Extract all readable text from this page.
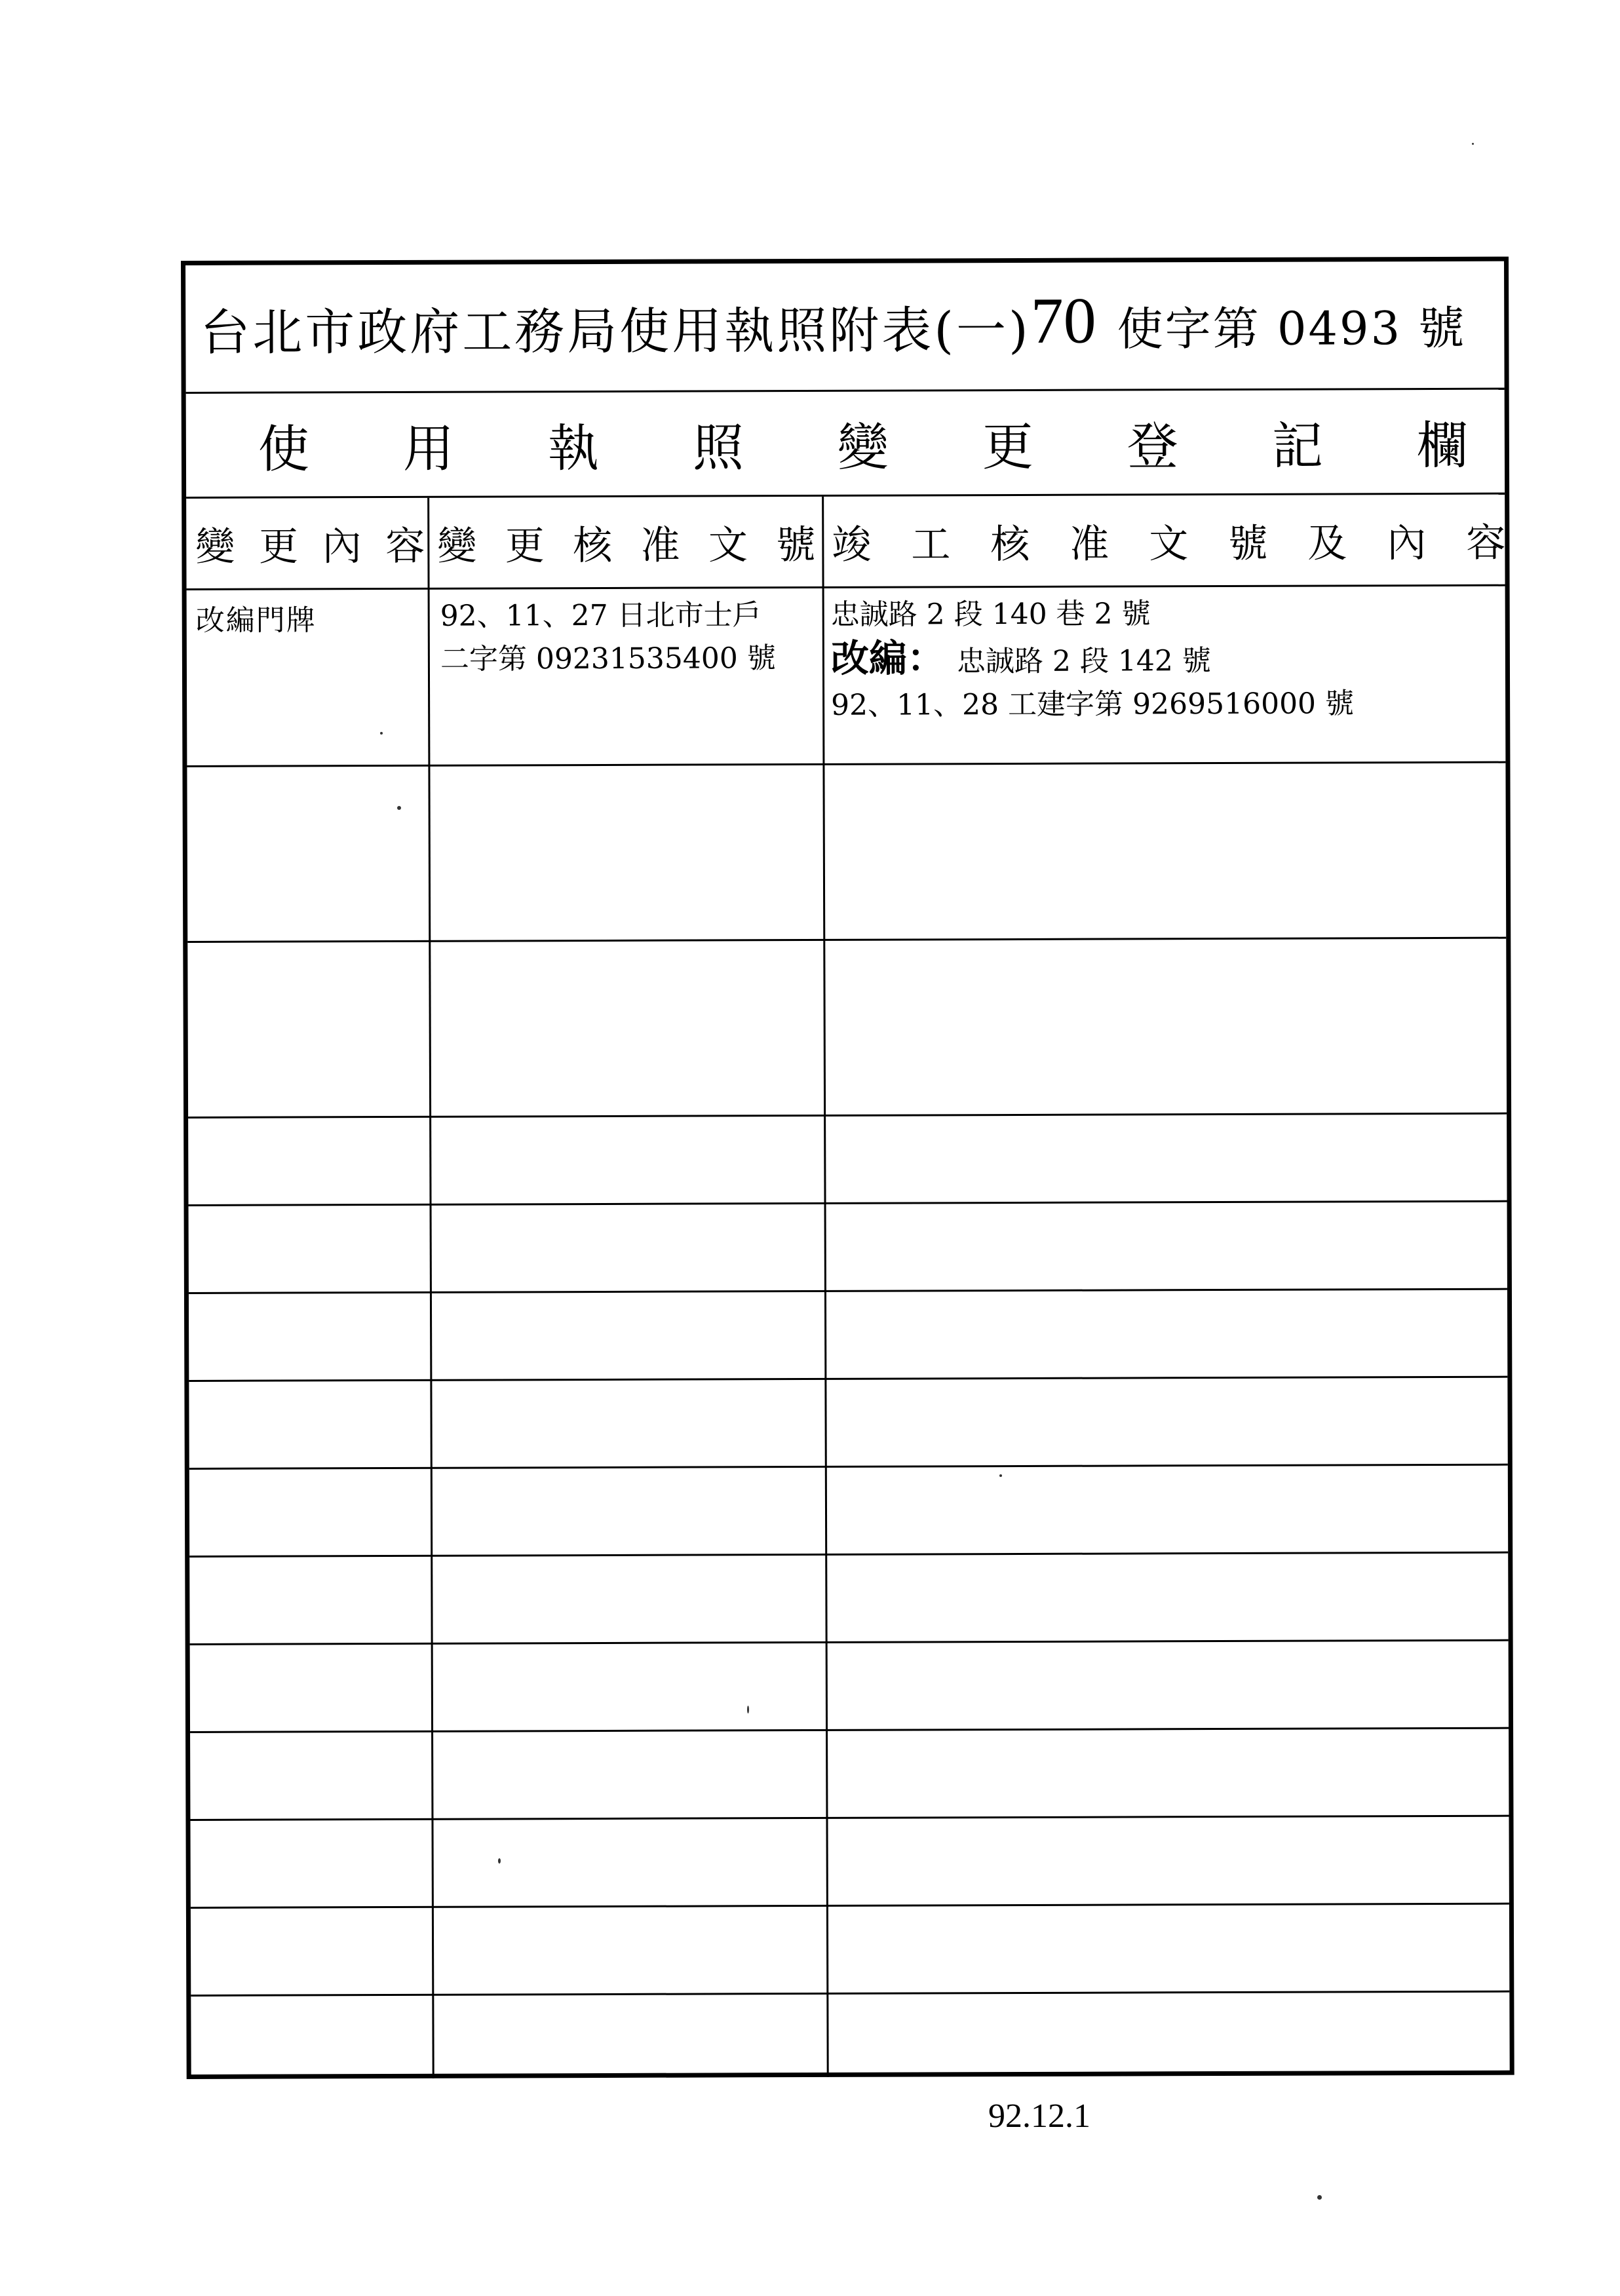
台北市政府工務局使用執照附表(一) 70 使字第 0493 號
使 用 執 照 變 更 登 記 欄
變 更 內 容 變 更 核 准 文 號 竣 工 核 准 文 號 及 內 容
改編門牌	92、11、27 日北市士戶
二字第 09231535400 號
忠誠路 2 段 140 巷 2 號
改編： 忠誠路 2 段 142 號
92、11、28 工建字第 9269516000 號
92.12.1
